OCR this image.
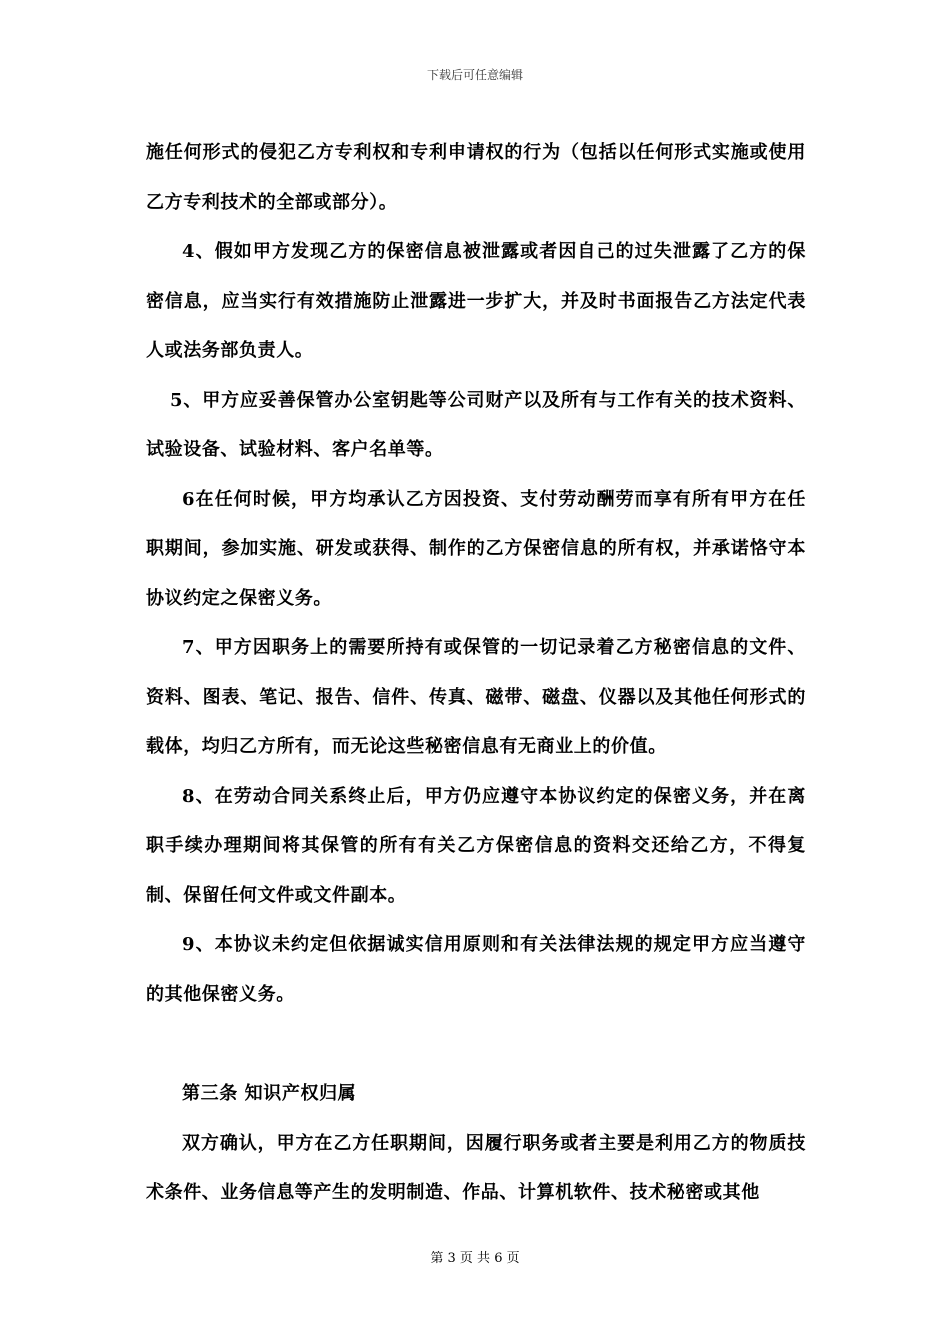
下载后可任意编辑

施任何形式的侵犯乙方专利权和专利申请权的行为（包括以任何形式实施或使用乙方专利技术的全部或部分）。

4、假如甲方发现乙方的保密信息被泄露或者因自己的过失泄露了乙方的保密信息，应当实行有效措施防止泄露进一步扩大，并及时书面报告乙方法定代表人或法务部负责人。

5、甲方应妥善保管办公室钥匙等公司财产以及所有与工作有关的技术资料、试验设备、试验材料、客户名单等。

6在任何时候，甲方均承认乙方因投资、支付劳动酬劳而享有所有甲方在任职期间，参加实施、研发或获得、制作的乙方保密信息的所有权，并承诺恪守本协议约定之保密义务。

7、甲方因职务上的需要所持有或保管的一切记录着乙方秘密信息的文件、资料、图表、笔记、报告、信件、传真、磁带、磁盘、仪器以及其他任何形式的载体，均归乙方所有，而无论这些秘密信息有无商业上的价值。

8、在劳动合同关系终止后，甲方仍应遵守本协议约定的保密义务，并在离职手续办理期间将其保管的所有有关乙方保密信息的资料交还给乙方，不得复制、保留任何文件或文件副本。

9、本协议未约定但依据诚实信用原则和有关法律法规的规定甲方应当遵守的其他保密义务。

第三条 知识产权归属

双方确认，甲方在乙方任职期间，因履行职务或者主要是利用乙方的物质技术条件、业务信息等产生的发明制造、作品、计算机软件、技术秘密或其他

第 3 页 共 6 页
